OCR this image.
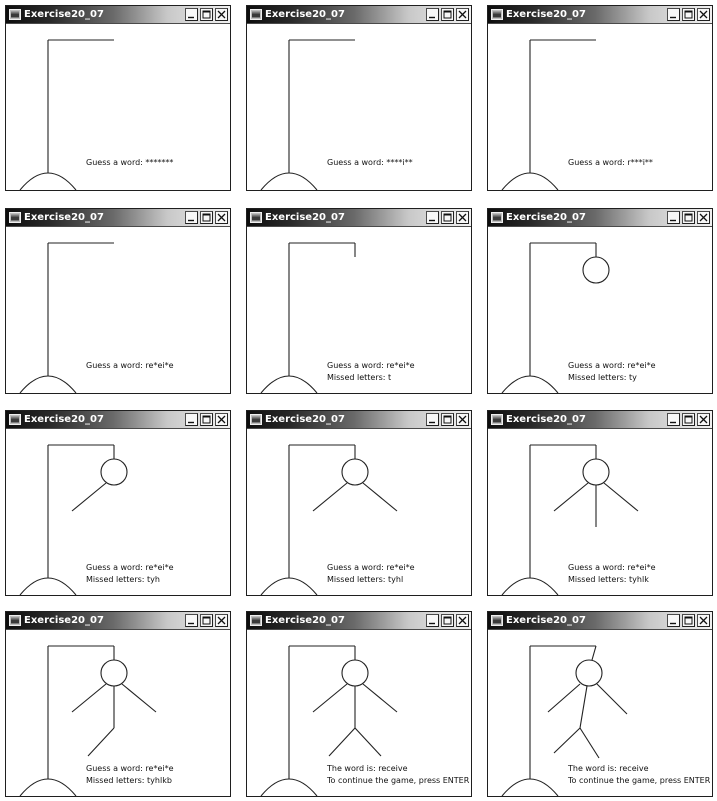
Exercise20_07
Guess a word: *******
Exercise20_07
Guess a word: ****i**
Exercise20_07
Guess a word: r***i**
Exercise20_07
Guess a word: re*ei*e
Exercise20_07
Guess a word: re*ei*e
Missed letters: t
Exercise20_07
Guess a word: re*ei*e
Missed letters: ty
Exercise20_07
Guess a word: re*ei*e
Missed letters: tyh
Exercise20_07
Guess a word: re*ei*e
Missed letters: tyhl
Exercise20_07
Guess a word: re*ei*e
Missed letters: tyhlk
Exercise20_07
Guess a word: re*ei*e
Missed letters: tyhlkb
Exercise20_07
The word is: receive
To continue the game, press ENTER
Exercise20_07
The word is: receive
To continue the game, press ENTER
